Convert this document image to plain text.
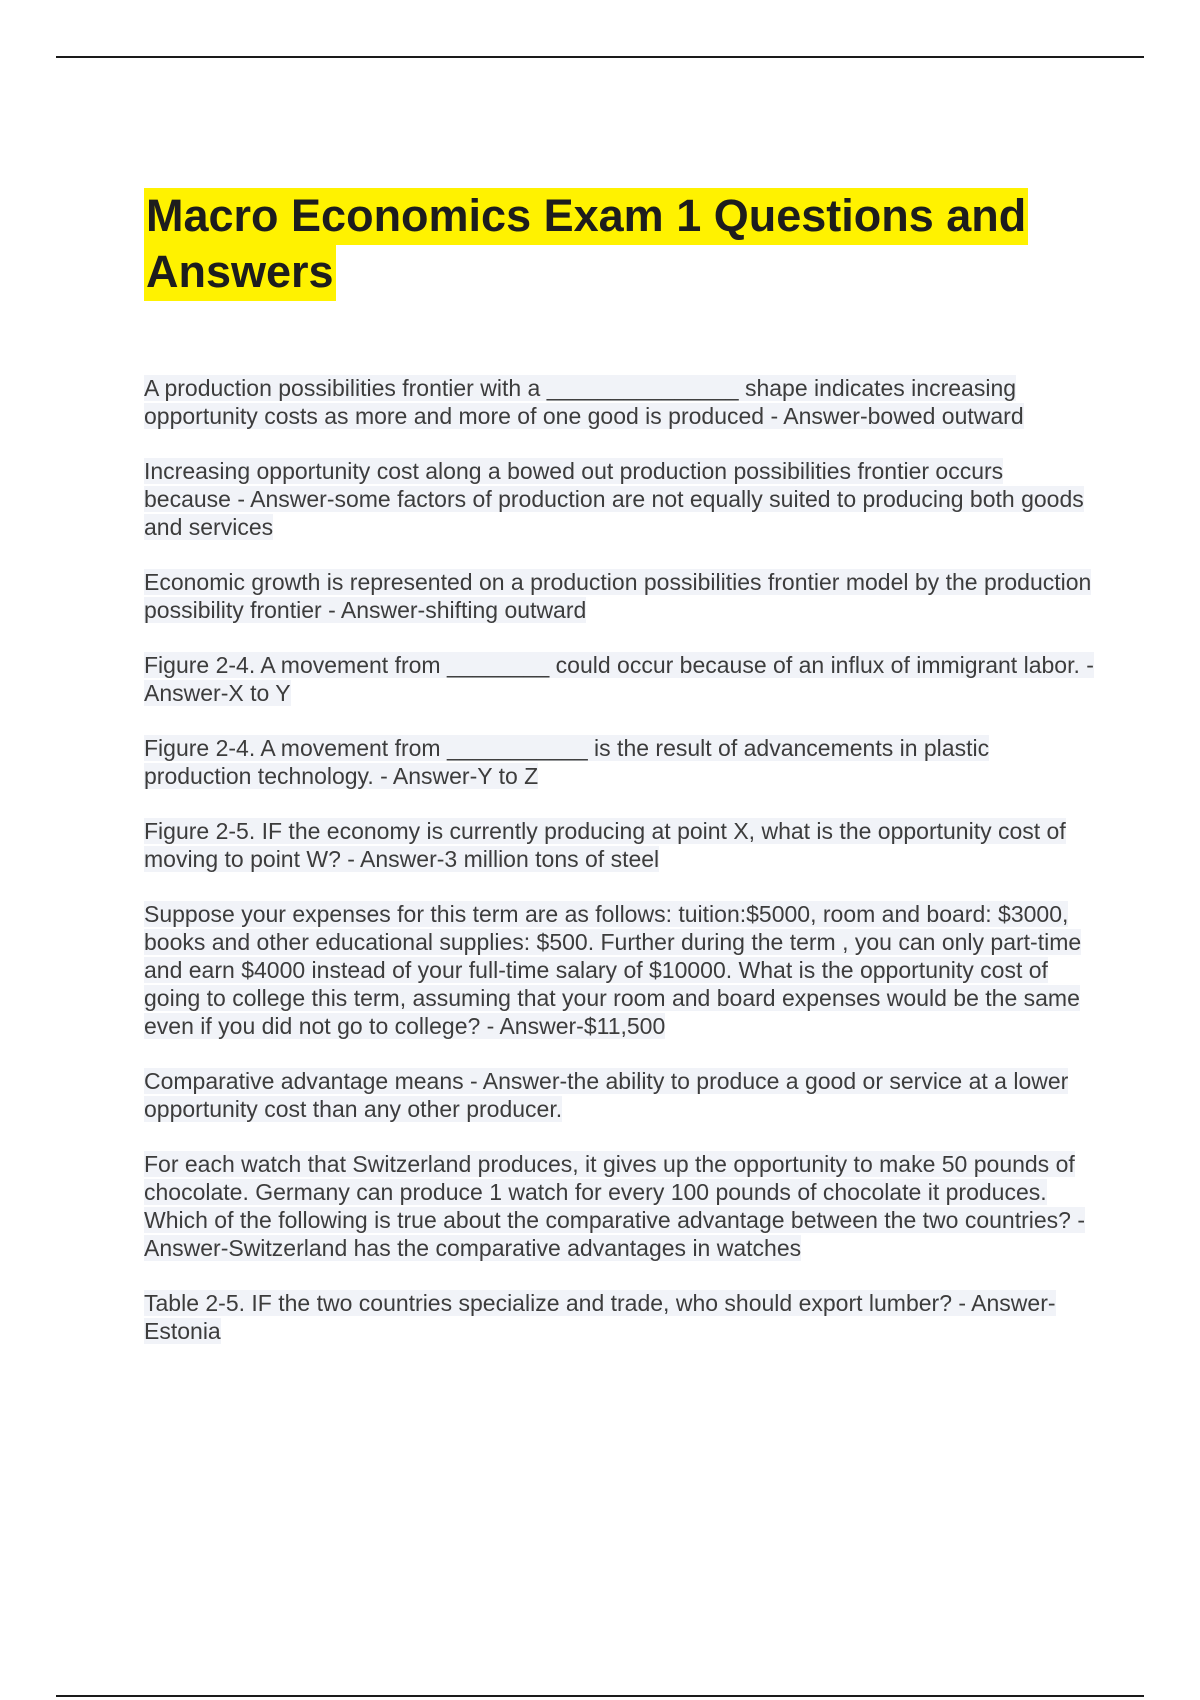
Macro Economics Exam 1 Questions and Answers
A production possibilities frontier with a _______________ shape indicates increasing opportunity costs as more and more of one good is produced - Answer-bowed outward
Increasing opportunity cost along a bowed out production possibilities frontier occurs because - Answer-some factors of production are not equally suited to producing both goods and services
Economic growth is represented on a production possibilities frontier model by the production possibility frontier - Answer-shifting outward
Figure 2-4. A movement from ________ could occur because of an influx of immigrant labor. - Answer-X to Y
Figure 2-4. A movement from ___________ is the result of advancements in plastic production technology. - Answer-Y to Z
Figure 2-5. IF the economy is currently producing at point X, what is the opportunity cost of moving to point W? - Answer-3 million tons of steel
Suppose your expenses for this term are as follows: tuition:$5000, room and board: $3000, books and other educational supplies: $500. Further during the term , you can only part-time and earn $4000 instead of your full-time salary of $10000. What is the opportunity cost of going to college this term, assuming that your room and board expenses would be the same even if you did not go to college? - Answer-$11,500
Comparative advantage means - Answer-the ability to produce a good or service at a lower opportunity cost than any other producer.
For each watch that Switzerland produces, it gives up the opportunity to make 50 pounds of chocolate. Germany can produce 1 watch for every 100 pounds of chocolate it produces. Which of the following is true about the comparative advantage between the two countries? - Answer-Switzerland has the comparative advantages in watches
Table 2-5. IF the two countries specialize and trade, who should export lumber? - Answer-Estonia
